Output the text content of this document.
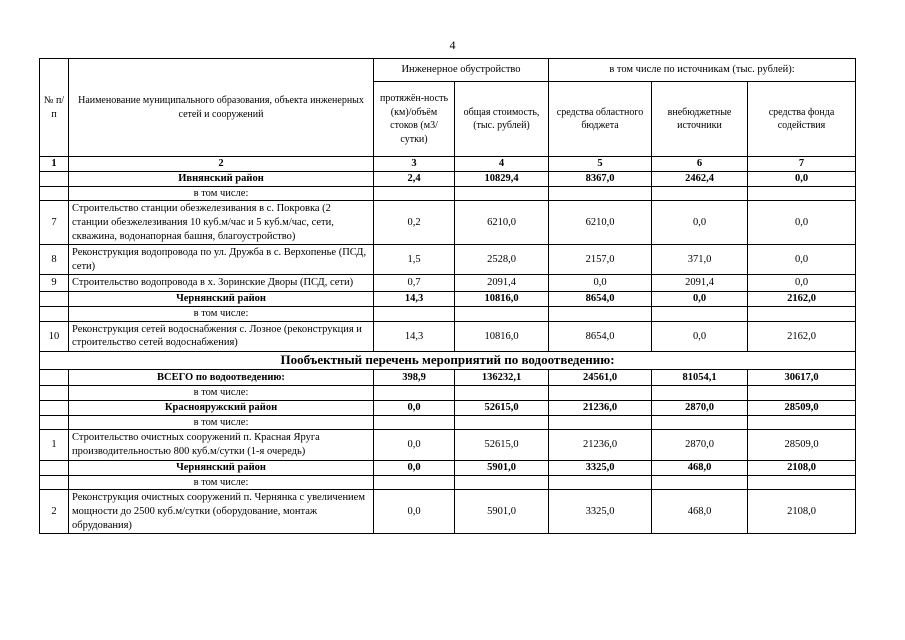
4
№ п/п	Наименование муниципального образования, объекта инженерных сетей и сооружений	Инженерное обустройство		в том числе по источникам (тыс. рублей):		
		протяжён-ность (км)/объём стоков (м3/сутки)	общая стоимость, (тыс. рублей)	средства областного бюджета	внебюджетные источники	средства фонда содействия
1	2	3	4	5	6	7
	Ивнянский район	2,4	10829,4	8367,0	2462,4	0,0
	в том числе:					
7	Строительство станции обезжелезивания в с. Покровка (2 станции обезжелезивания 10 куб.м/час и 5 куб.м/час, сети, скважина, водонапорная башня, благоустройство)	0,2	6210,0	6210,0	0,0	0,0
8	Реконструкция водопровода по ул. Дружба в с. Верхопенье (ПСД, сети)	1,5	2528,0	2157,0	371,0	0,0
9	Строительство водопровода в х. Зоринские Дворы (ПСД, сети)	0,7	2091,4	0,0	2091,4	0,0
	Чернянский район	14,3	10816,0	8654,0	0,0	2162,0
	в том числе:					
10	Реконструкция сетей водоснабжения с. Лозное (реконструкция и строительство сетей водоснабжения)	14,3	10816,0	8654,0	0,0	2162,0
Пообъектный перечень мероприятий по водоотведению:						
	ВСЕГО по водоотведению:	398,9	136232,1	24561,0	81054,1	30617,0
	в том числе:					
	Краснояружский район	0,0	52615,0	21236,0	2870,0	28509,0
	в том числе:					
1	Строительство очистных сооружений п. Красная Яруга производительностью 800 куб.м/сутки (1-я очередь)	0,0	52615,0	21236,0	2870,0	28509,0
	Чернянский район	0,0	5901,0	3325,0	468,0	2108,0
	в том числе:					
2	Реконструкция очистных сооружений п. Чернянка с увеличением мощности до 2500 куб.м/сутки (оборудование, монтаж обрудования)	0,0	5901,0	3325,0	468,0	2108,0
